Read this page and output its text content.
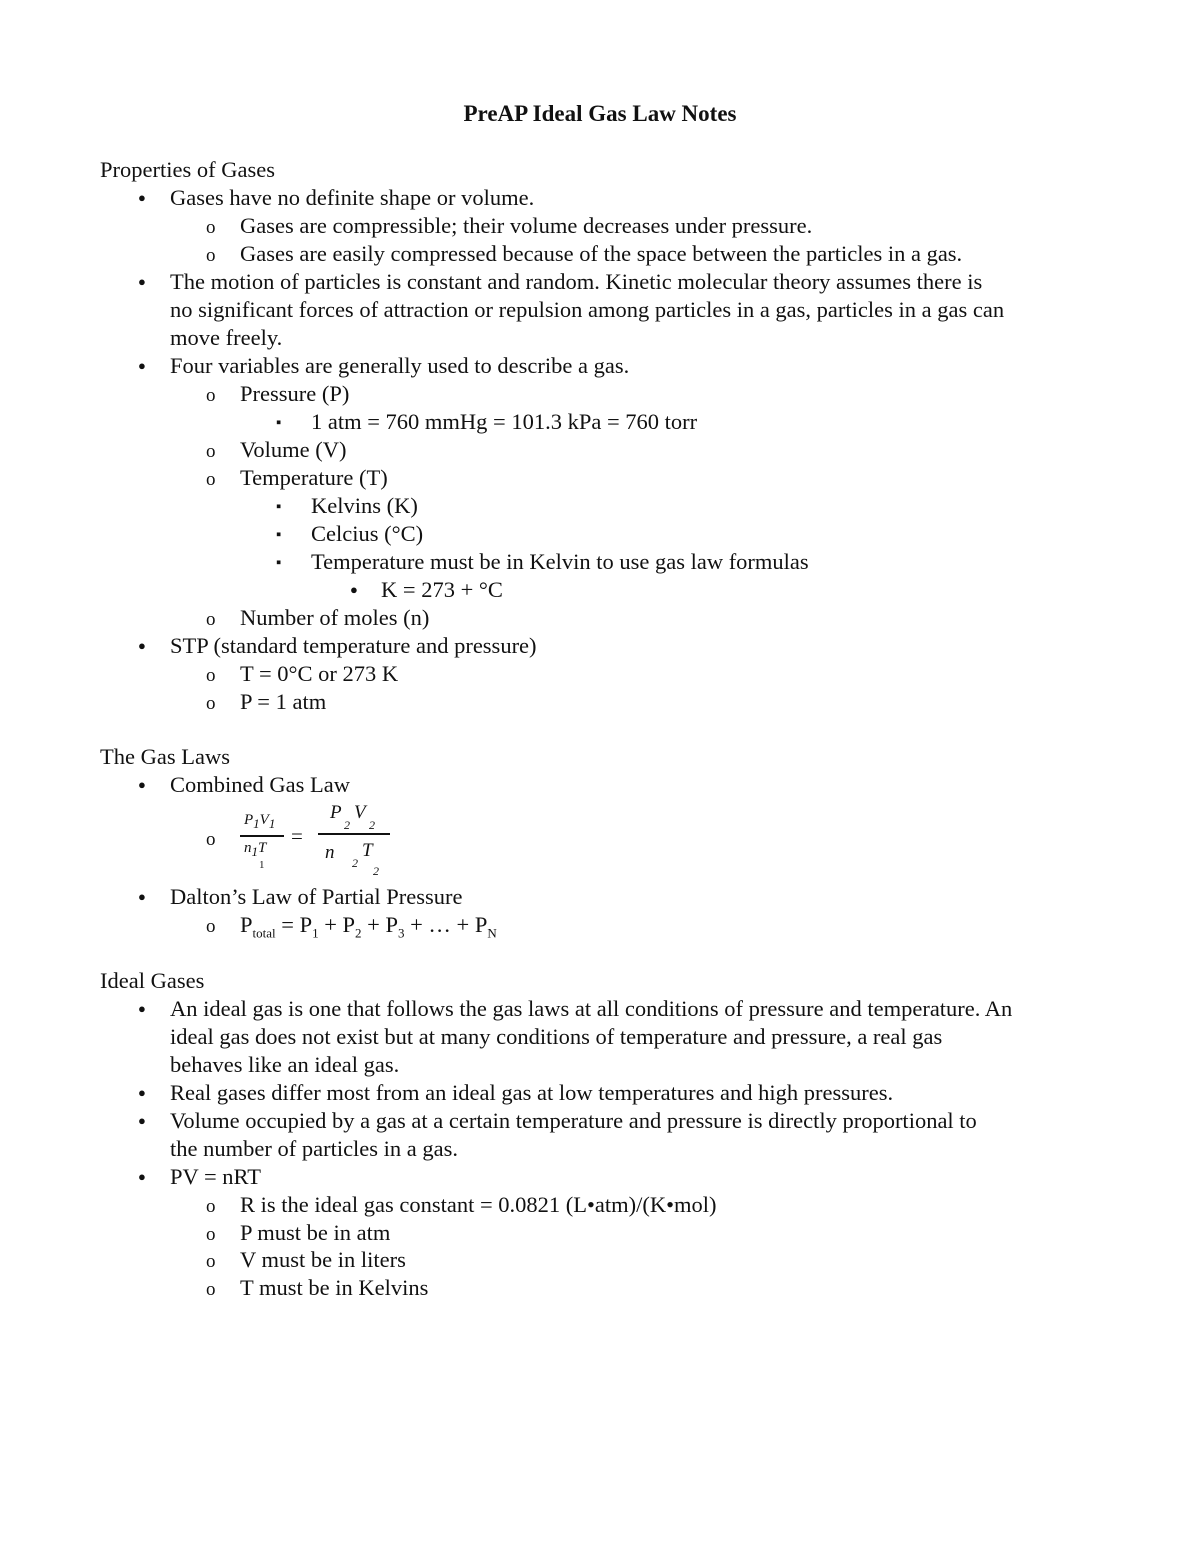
PreAP Ideal Gas Law Notes
Properties of Gases
●
Gases have no definite shape or volume.
o
Gases are compressible; their volume decreases under pressure.
o
Gases are easily compressed because of the space between the particles in a gas.
●
The motion of particles is constant and random. Kinetic molecular theory assumes there is
no significant forces of attraction or repulsion among particles in a gas, particles in a gas can
move freely.
●
Four variables are generally used to describe a gas.
o
Pressure (P)
▪
1 atm = 760 mmHg = 101.3 kPa = 760 torr
o
Volume (V)
o
Temperature (T)
▪
Kelvins (K)
▪
Celcius (°C)
▪
Temperature must be in Kelvin to use gas law formulas
●
K = 273 + °C
o
Number of moles (n)
●
STP (standard temperature and pressure)
o
T = 0°C or 273 K
o
P = 1 atm
The Gas Laws
●
Combined Gas Law
o
$P_1V_1$
$n_1T$
1
=
P
2
V
2
n 2
T
2
●
Dalton’s Law of Partial Pressure
o
$P_{total} = P_1 + P_2 + P_3$ + … + $P_N$
Ideal Gases
●
An ideal gas is one that follows the gas laws at all conditions of pressure and temperature. An
ideal gas does not exist but at many conditions of temperature and pressure, a real gas
behaves like an ideal gas.
●
Real gases differ most from an ideal gas at low temperatures and high pressures.
●
Volume occupied by a gas at a certain temperature and pressure is directly proportional to
the number of particles in a gas.
●
PV = nRT
o
R is the ideal gas constant = 0.0821 (L•atm)/(K•mol)
o
P must be in atm
o
V must be in liters
o
T must be in Kelvins
